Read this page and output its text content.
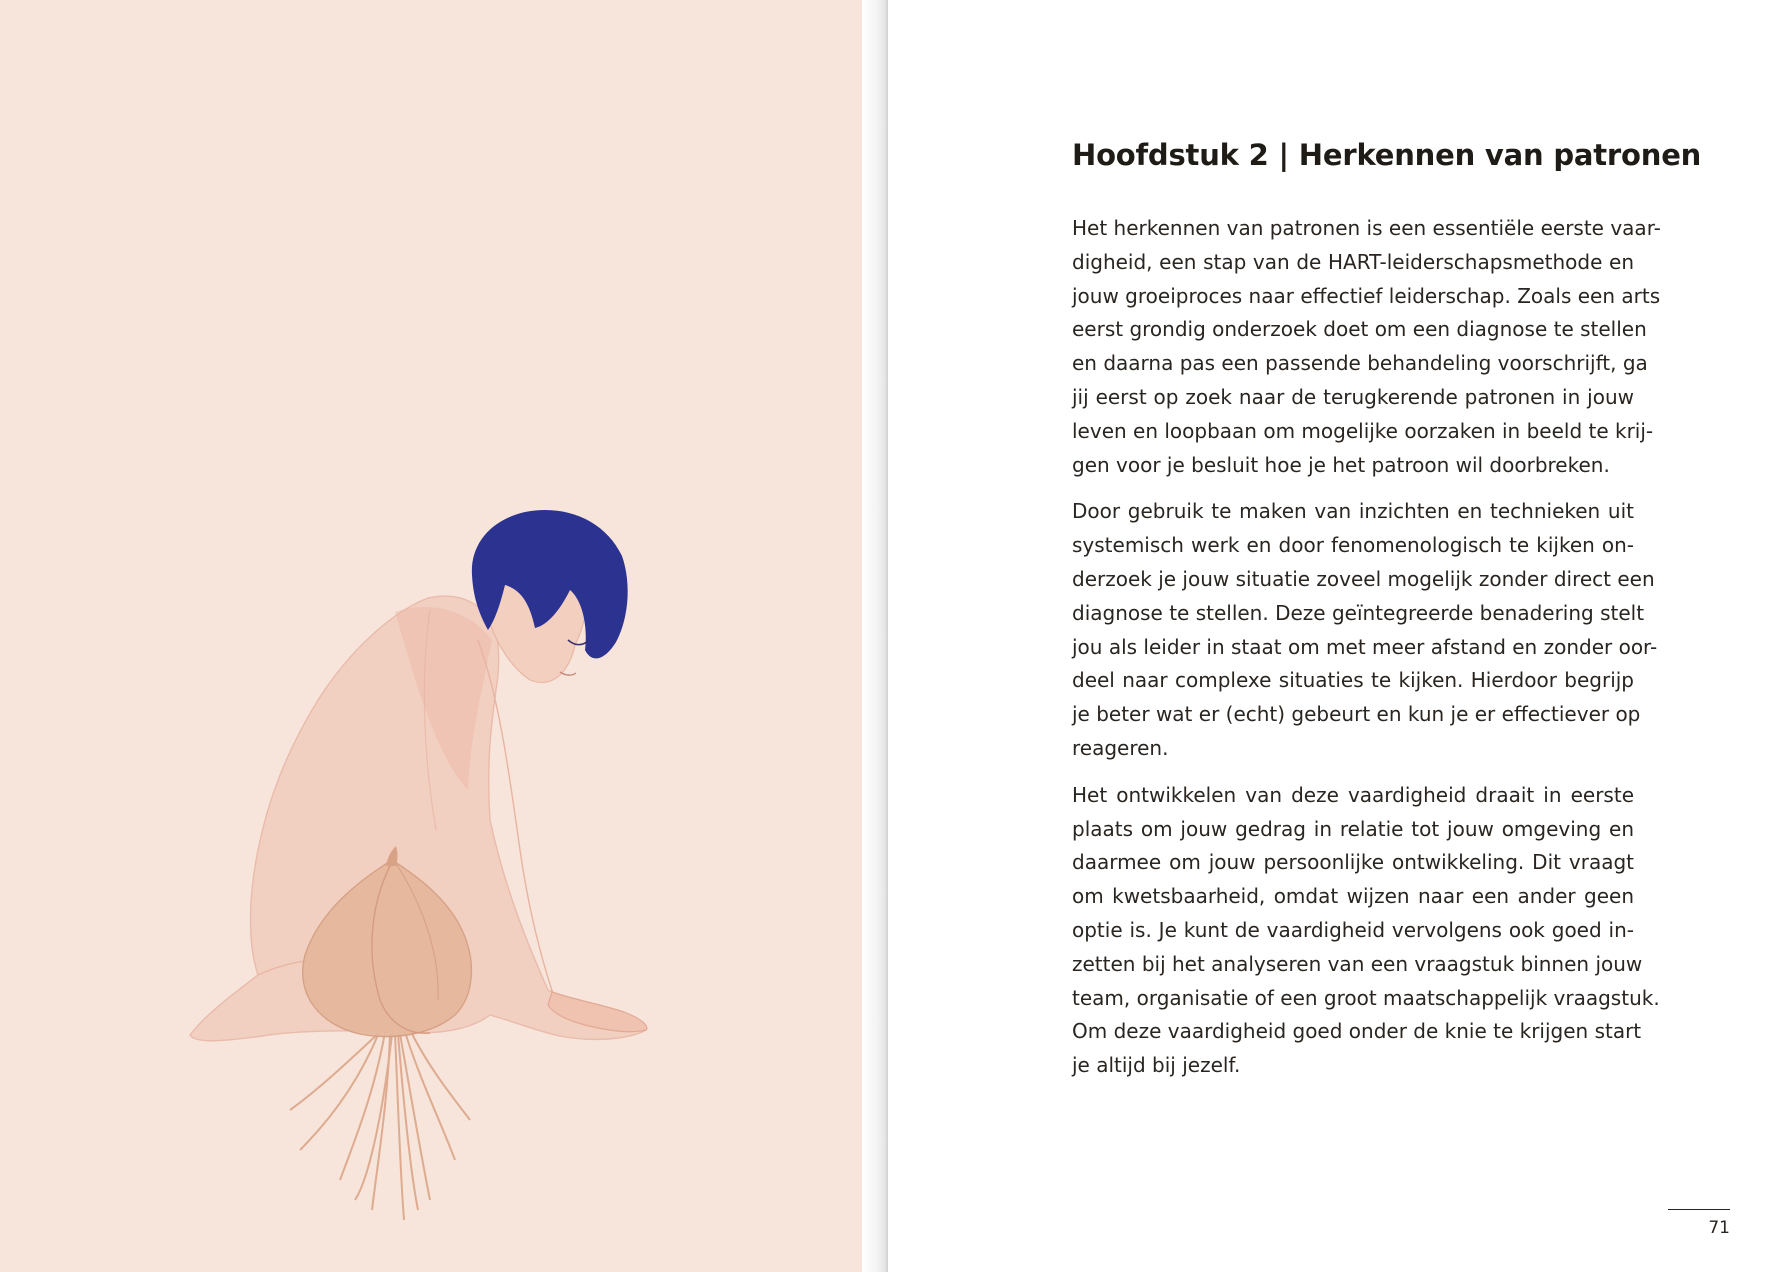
Hoofdstuk 2 | Herkennen van patronen

Het herkennen van patronen is een essentiële eerste vaar-
digheid, een stap van de HART-leiderschapsmethode en
jouw groeiproces naar effectief leiderschap. Zoals een arts
eerst grondig onderzoek doet om een diagnose te stellen
en daarna pas een passende behandeling voorschrijft, ga
jij eerst op zoek naar de terugkerende patronen in jouw
leven en loopbaan om mogelijke oorzaken in beeld te krij-
gen voor je besluit hoe je het patroon wil doorbreken.

Door gebruik te maken van inzichten en technieken uit
systemisch werk en door fenomenologisch te kijken on-
derzoek je jouw situatie zoveel mogelijk zonder direct een
diagnose te stellen. Deze geïntegreerde benadering stelt
jou als leider in staat om met meer afstand en zonder oor-
deel naar complexe situaties te kijken. Hierdoor begrijp
je beter wat er (echt) gebeurt en kun je er effectiever op
reageren.

Het ontwikkelen van deze vaardigheid draait in eerste
plaats om jouw gedrag in relatie tot jouw omgeving en
daarmee om jouw persoonlijke ontwikkeling. Dit vraagt
om kwetsbaarheid, omdat wijzen naar een ander geen
optie is. Je kunt de vaardigheid vervolgens ook goed in-
zetten bij het analyseren van een vraagstuk binnen jouw
team, organisatie of een groot maatschappelijk vraagstuk.
Om deze vaardigheid goed onder de knie te krijgen start
je altijd bij jezelf.

71
